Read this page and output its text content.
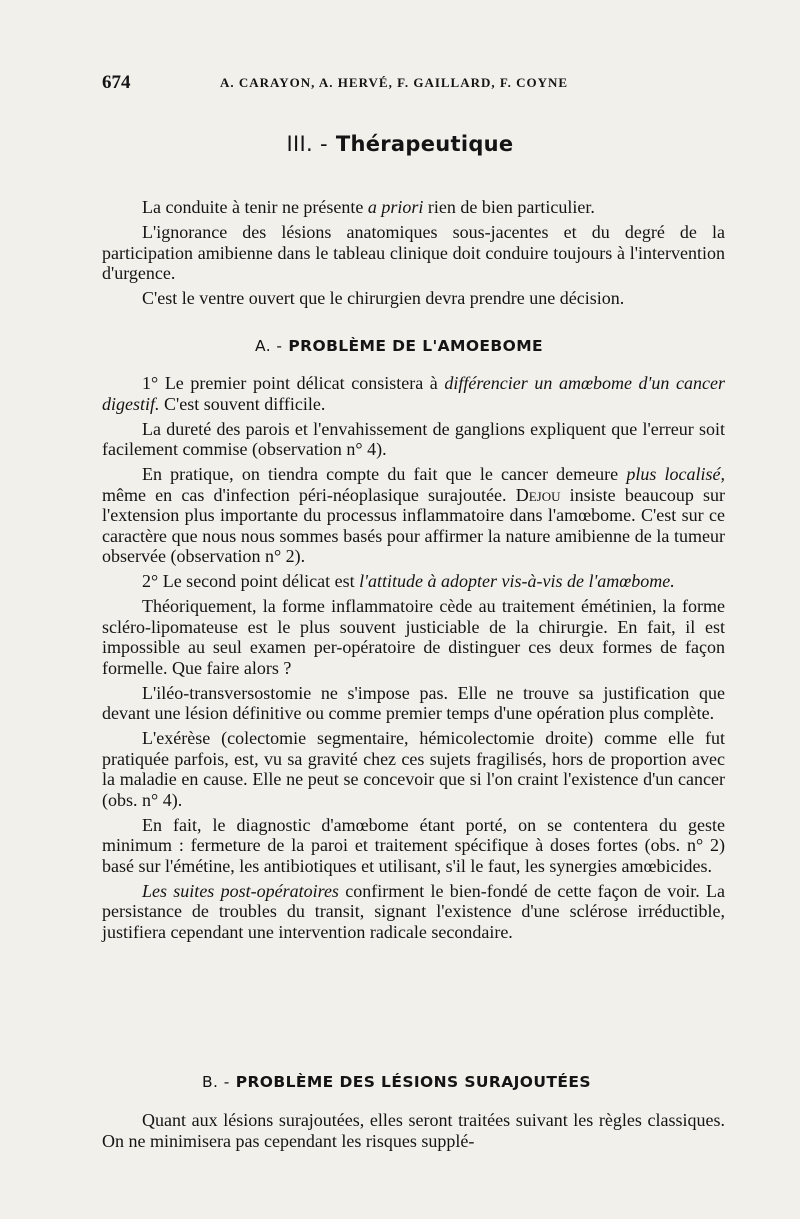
674	A. CARAYON, A. HERVÉ, F. GAILLARD, F. COYNE
III. - Thérapeutique

La conduite à tenir ne présente a priori rien de bien particulier.

L'ignorance des lésions anatomiques sous-jacentes et du degré de la participation amibienne dans le tableau clinique doit conduire toujours à l'intervention d'urgence.

C'est le ventre ouvert que le chirurgien devra prendre une décision.

A. - PROBLÈME DE L'AMOEBOME

1° Le premier point délicat consistera à différencier un amœbome d'un cancer digestif. C'est souvent difficile.

La dureté des parois et l'envahissement de ganglions expliquent que l'erreur soit facilement commise (observation n° 4).

En pratique, on tiendra compte du fait que le cancer demeure plus localisé, même en cas d'infection péri-néoplasique surajoutée. Dejou insiste beaucoup sur l'extension plus importante du processus inflammatoire dans l'amœbome. C'est sur ce caractère que nous nous sommes basés pour affirmer la nature amibienne de la tumeur observée (observation n° 2).

2° Le second point délicat est l'attitude à adopter vis-à-vis de l'amœbome.

Théoriquement, la forme inflammatoire cède au traitement émétinien, la forme scléro-lipomateuse est le plus souvent justiciable de la chirurgie. En fait, il est impossible au seul examen per-opératoire de distinguer ces deux formes de façon formelle. Que faire alors ?

L'iléo-transversostomie ne s'impose pas. Elle ne trouve sa justification que devant une lésion définitive ou comme premier temps d'une opération plus complète.

L'exérèse (colectomie segmentaire, hémicolectomie droite) comme elle fut pratiquée parfois, est, vu sa gravité chez ces sujets fragilisés, hors de proportion avec la maladie en cause. Elle ne peut se concevoir que si l'on craint l'existence d'un cancer (obs. n° 4).

En fait, le diagnostic d'amœbome étant porté, on se contentera du geste minimum : fermeture de la paroi et traitement spécifique à doses fortes (obs. n° 2) basé sur l'émétine, les antibiotiques et utilisant, s'il le faut, les synergies amœbicides.

Les suites post-opératoires confirment le bien-fondé de cette façon de voir. La persistance de troubles du transit, signant l'existence d'une sclérose irréductible, justifiera cependant une intervention radicale secondaire.

B. - PROBLÈME DES LÉSIONS SURAJOUTÉES

Quant aux lésions surajoutées, elles seront traitées suivant les règles classiques. On ne minimisera pas cependant les risques supplé-
